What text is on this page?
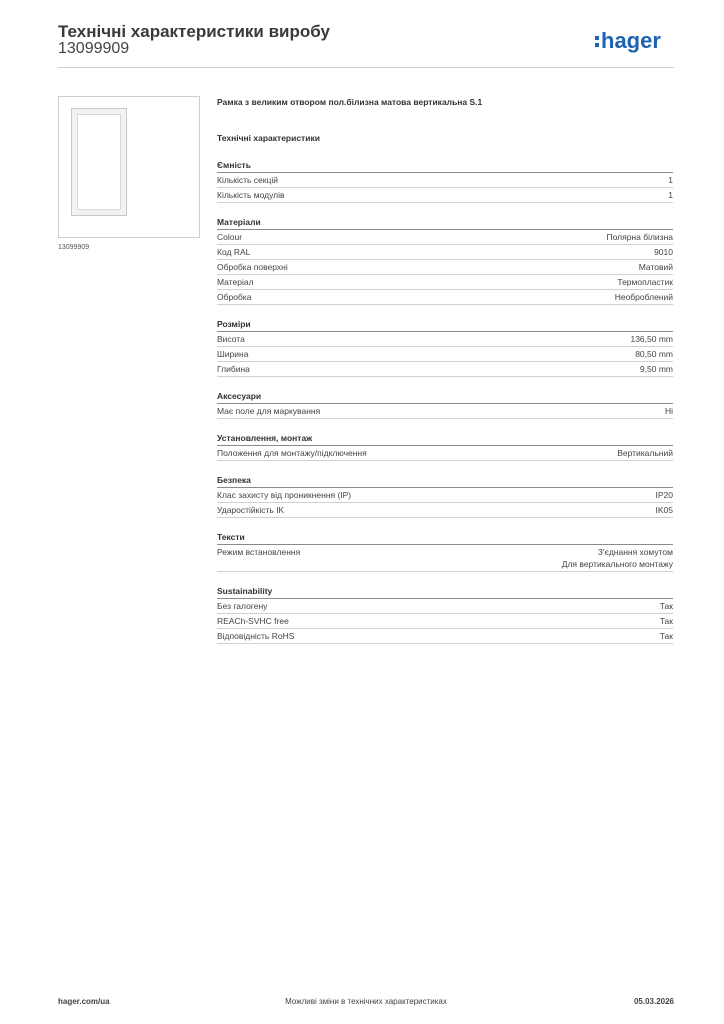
Технічні характеристики виробу
13099909	hager
13099909
Рамка з великим отвором пол.білизна матова вертикальна S.1
Технічні характеристики
Ємність
Кількість секцій	1
Кількість модулів	1
Матеріали
Colour	Полярна білизна
Код RAL	9010
Обробка поверхні	Матовий
Матеріал	Термопластик
Обробка	Необроблений
Розміри
Висота	136,50 mm
Ширина	80,50 mm
Глибина	9,50 mm
Аксесуари
Має поле для маркування	Ні
Установлення, монтаж
Положення для монтажу/підключення	Вертикальний
Безпека
Клас захисту від проникнення (IP)	IP20
Ударостійкість IK	IK05
Тексти
Режим встановлення	З'єднання хомутом
Для вертикального монтажу
Sustainability
Без галогену	Так
REACh-SVHC free	Так
Відповідність RoHS	Так
hager.com/ua	Можливі зміни в технічних характеристиках	05.03.2026
